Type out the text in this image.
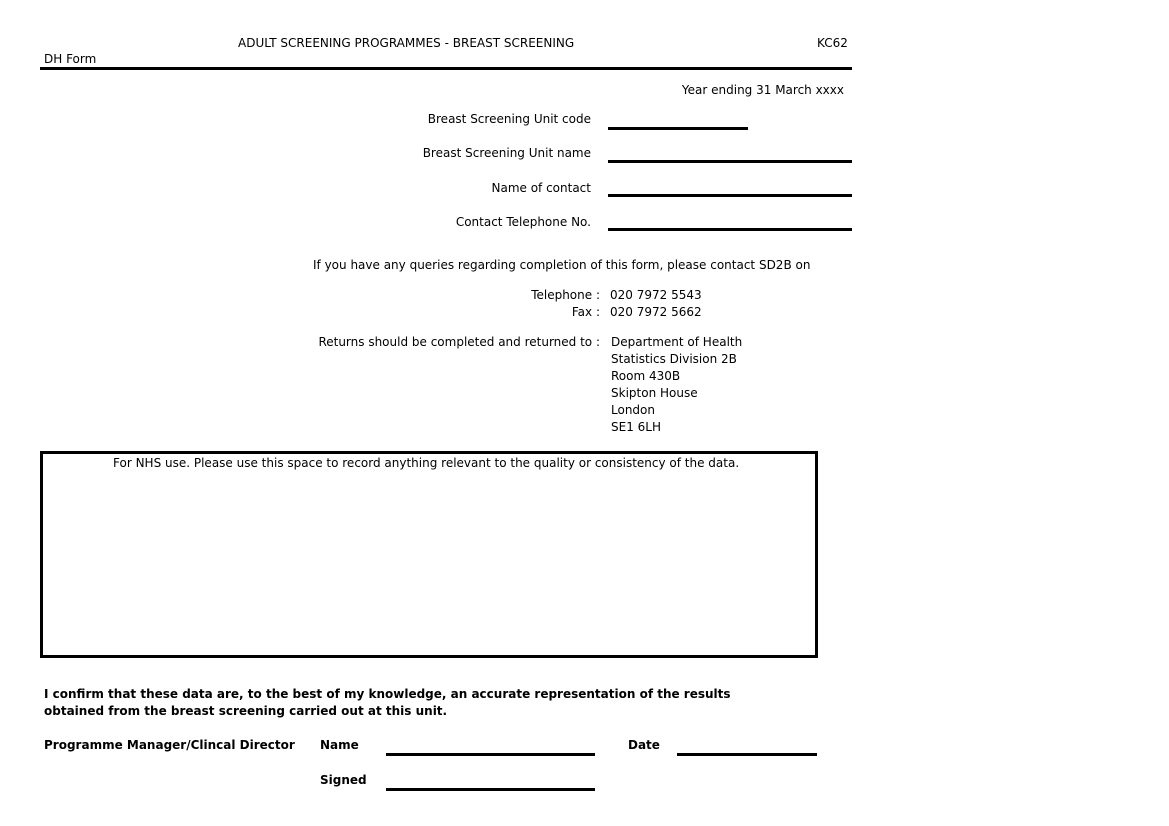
ADULT SCREENING PROGRAMMES - BREAST SCREENING	KC62
DH Form
Year ending 31 March xxxx
Breast Screening Unit code
Breast Screening Unit name
Name of contact
Contact Telephone No.
If you have any queries regarding completion of this form, please contact SD2B on
Telephone : 020 7972 5543
Fax : 020 7972 5662
Returns should be completed and returned to : Department of Health
Statistics Division 2B
Room 430B
Skipton House
London
SE1 6LH
For NHS use. Please use this space to record anything relevant to the quality or consistency of the data.
I confirm that these data are, to the best of my knowledge, an accurate representation of the results
obtained from the breast screening carried out at this unit.
Programme Manager/Clincal Director Name	Date
Signed
